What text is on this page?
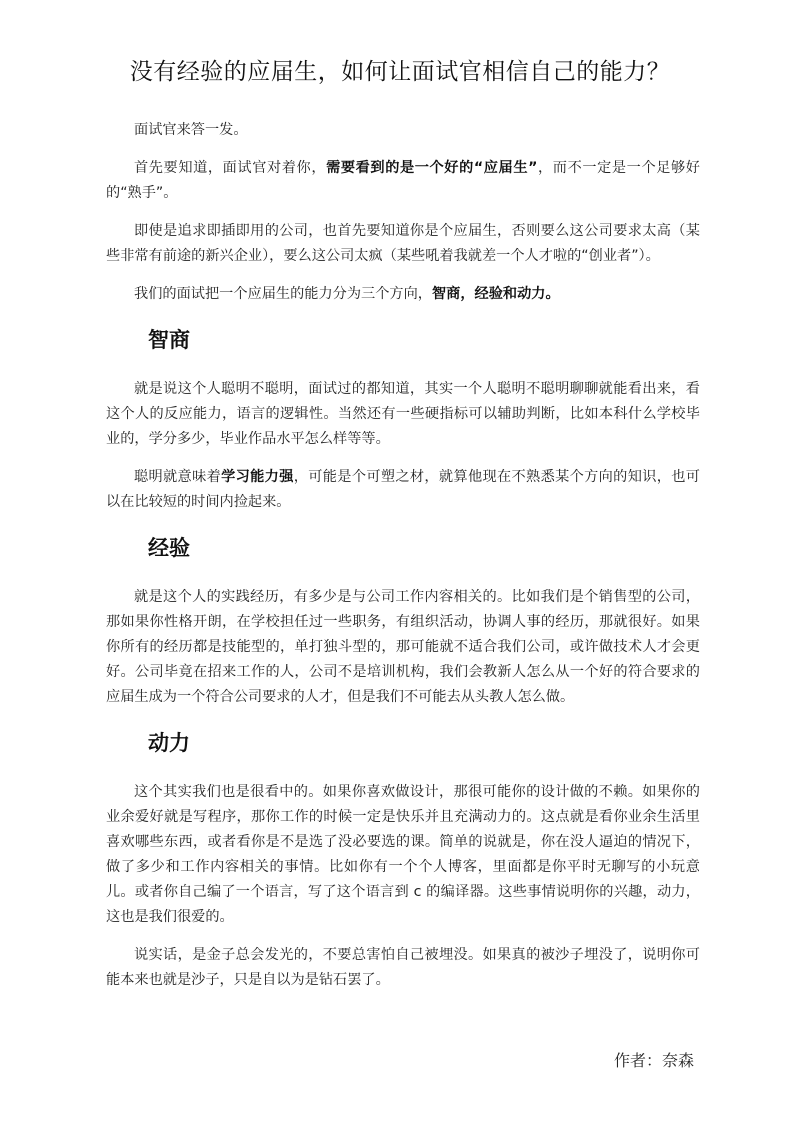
没有经验的应届生，如何让面试官相信自己的能力？

面试官来答一发。

首先要知道，面试官对着你，需要看到的是一个好的“应届生”，而不一定是一个足够好的“熟手”。

即使是追求即插即用的公司，也首先要知道你是个应届生，否则要么这公司要求太高（某些非常有前途的新兴企业），要么这公司太疯（某些吼着我就差一个人才啦的“创业者”）。

我们的面试把一个应届生的能力分为三个方向，智商，经验和动力。

智商

就是说这个人聪明不聪明，面试过的都知道，其实一个人聪明不聪明聊聊就能看出来，看这个人的反应能力，语言的逻辑性。当然还有一些硬指标可以辅助判断，比如本科什么学校毕业的，学分多少，毕业作品水平怎么样等等。

聪明就意味着学习能力强，可能是个可塑之材，就算他现在不熟悉某个方向的知识，也可以在比较短的时间内捡起来。

经验

就是这个人的实践经历，有多少是与公司工作内容相关的。比如我们是个销售型的公司，那如果你性格开朗，在学校担任过一些职务，有组织活动，协调人事的经历，那就很好。如果你所有的经历都是技能型的，单打独斗型的，那可能就不适合我们公司，或许做技术人才会更好。公司毕竟在招来工作的人，公司不是培训机构，我们会教新人怎么从一个好的符合要求的应届生成为一个符合公司要求的人才，但是我们不可能去从头教人怎么做。

动力

这个其实我们也是很看中的。如果你喜欢做设计，那很可能你的设计做的不赖。如果你的业余爱好就是写程序，那你工作的时候一定是快乐并且充满动力的。这点就是看你业余生活里喜欢哪些东西，或者看你是不是选了没必要选的课。简单的说就是，你在没人逼迫的情况下，做了多少和工作内容相关的事情。比如你有一个个人博客，里面都是你平时无聊写的小玩意儿。或者你自己编了一个语言，写了这个语言到 c 的编译器。这些事情说明你的兴趣，动力，这也是我们很爱的。

说实话，是金子总会发光的，不要总害怕自己被埋没。如果真的被沙子埋没了，说明你可能本来也就是沙子，只是自以为是钻石罢了。

作者：奈森
